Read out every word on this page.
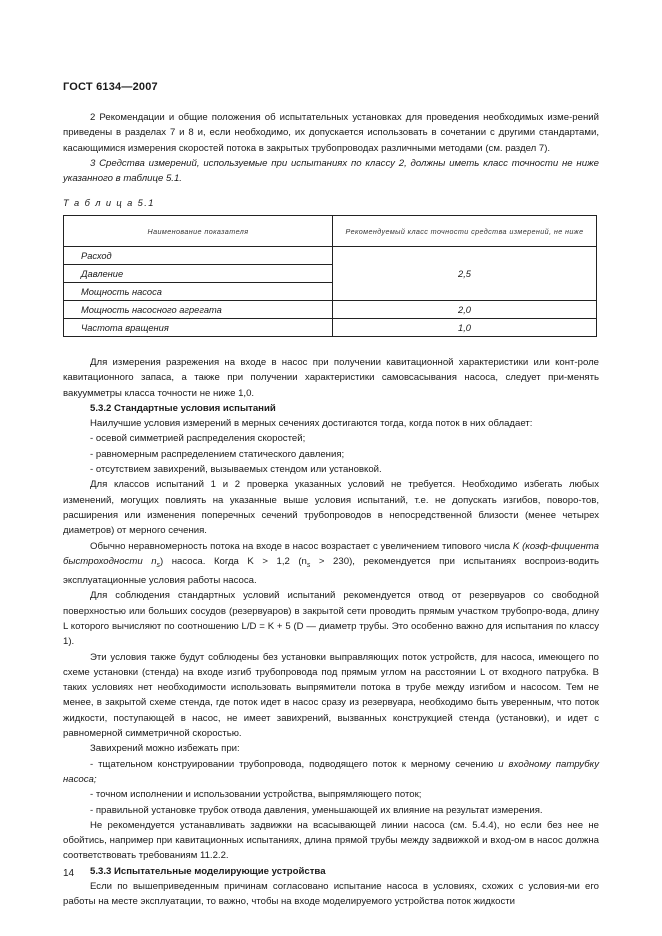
ГОСТ 6134—2007

2 Рекомендации и общие положения об испытательных установках для проведения необходимых изме-рений приведены в разделах 7 и 8 и, если необходимо, их допускается использовать в сочетании с другими стандартами, касающимися измерения скоростей потока в закрытых трубопроводах различными методами (см. раздел 7).

3 Средства измерений, используемые при испытаниях по классу 2, должны иметь класс точности не ниже указанного в таблице 5.1.

Т а б л и ц а 5.1
Наименование показателя	Рекомендуемый класс точности средства измерений, не ниже
Расход	2,5
Давление	
Мощность насоса	
Мощность насосного агрегата	2,0
Частота вращения	1,0

Для измерения разрежения на входе в насос при получении кавитационной характеристики или конт-роле кавитационного запаса, а также при получении характеристики самовсасывания насоса, следует при-менять вакуумметры класса точности не ниже 1,0.

5.3.2 Стандартные условия испытаний

Наилучшие условия измерений в мерных сечениях достигаются тогда, когда поток в них обладает:

- осевой симметрией распределения скоростей;

- равномерным распределением статического давления;

- отсутствием завихрений, вызываемых стендом или установкой.

Для классов испытаний 1 и 2 проверка указанных условий не требуется. Необходимо избегать любых изменений, могущих повлиять на указанные выше условия испытаний, т.е. не допускать изгибов, поворо-тов, расширения или изменения поперечных сечений трубопроводов в непосредственной близости (менее четырех диаметров) от мерного сечения.

Обычно неравномерность потока на входе в насос возрастает с увеличением типового числа K (коэф-фициента быстроходности $n_s$) насоса. Когда K > 1,2 $(n_s > 230)$, рекомендуется при испытаниях воспроиз-водить эксплуатационные условия работы насоса.

Для соблюдения стандартных условий испытаний рекомендуется отвод от резервуаров со свободной поверхностью или больших сосудов (резервуаров) в закрытой сети проводить прямым участком трубопро-вода, длину L которого вычисляют по соотношению L/D = K + 5 (D — диаметр трубы. Это особенно важно для испытания по классу 1).

Эти условия также будут соблюдены без установки выправляющих поток устройств, для насоса, имеющего по схеме установки (стенда) на входе изгиб трубопровода под прямым углом на расстоянии L от входного патрубка. В таких условиях нет необходимости использовать выпрямители потока в трубе между изгибом и насосом. Тем не менее, в закрытой схеме стенда, где поток идет в насос сразу из резервуара, необходимо быть уверенным, что поток жидкости, поступающей в насос, не имеет завихрений, вызванных конструкцией стенда (установки), и идет с равномерной симметричной скоростью.

Завихрений можно избежать при:

- тщательном конструировании трубопровода, подводящего поток к мерному сечению и входному патрубку насоса;

- точном исполнении и использовании устройства, выпрямляющего поток;

- правильной установке трубок отвода давления, уменьшающей их влияние на результат измерения.

Не рекомендуется устанавливать задвижки на всасывающей линии насоса (см. 5.4.4), но если без нее не обойтись, например при кавитационных испытаниях, длина прямой трубы между задвижкой и вход-ом в насос должна соответствовать требованиям 11.2.2.

5.3.3 Испытательные моделирующие устройства

Если по вышеприведенным причинам согласовано испытание насоса в условиях, схожих с условия-ми его работы на месте эксплуатации, то важно, чтобы на входе моделируемого устройства поток жидкости

14
